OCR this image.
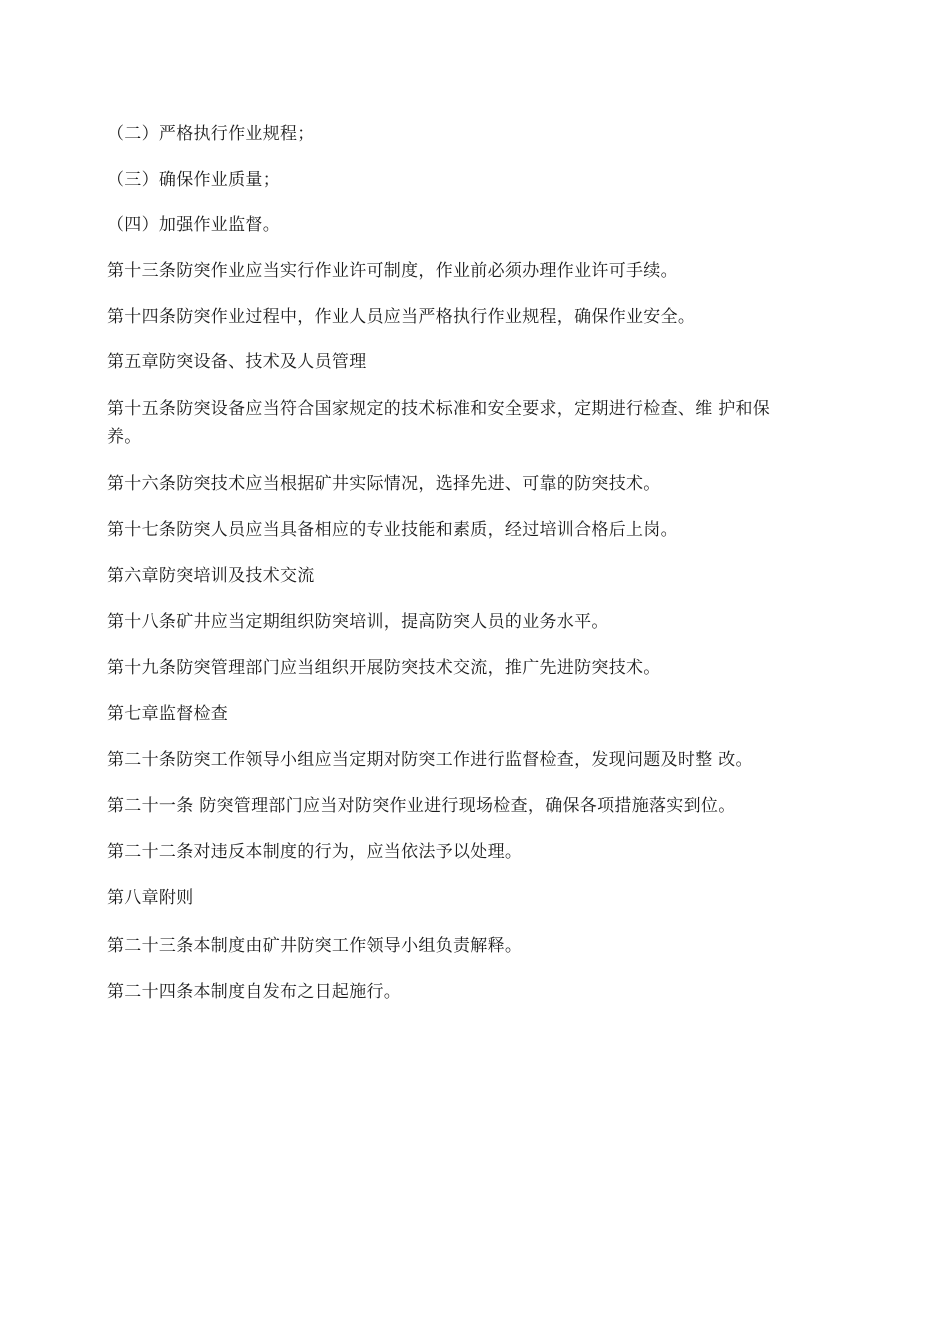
（二）严格执行作业规程；
（三）确保作业质量；
（四）加强作业监督。
第十三条防突作业应当实行作业许可制度，作业前必须办理作业许可手续。
第十四条防突作业过程中，作业人员应当严格执行作业规程，确保作业安全。
第五章防突设备、技术及人员管理
第十五条防突设备应当符合国家规定的技术标准和安全要求，定期进行检查、维 护和保
养。
第十六条防突技术应当根据矿井实际情况，选择先进、可靠的防突技术。
第十七条防突人员应当具备相应的专业技能和素质，经过培训合格后上岗。
第六章防突培训及技术交流
第十八条矿井应当定期组织防突培训，提高防突人员的业务水平。
第十九条防突管理部门应当组织开展防突技术交流，推广先进防突技术。
第七章监督检查
第二十条防突工作领导小组应当定期对防突工作进行监督检查，发现问题及时整 改。
第二十一条 防突管理部门应当对防突作业进行现场检查，确保各项措施落实到位。
第二十二条对违反本制度的行为，应当依法予以处理。
第八章附则
第二十三条本制度由矿井防突工作领导小组负责解释。
第二十四条本制度自发布之日起施行。
